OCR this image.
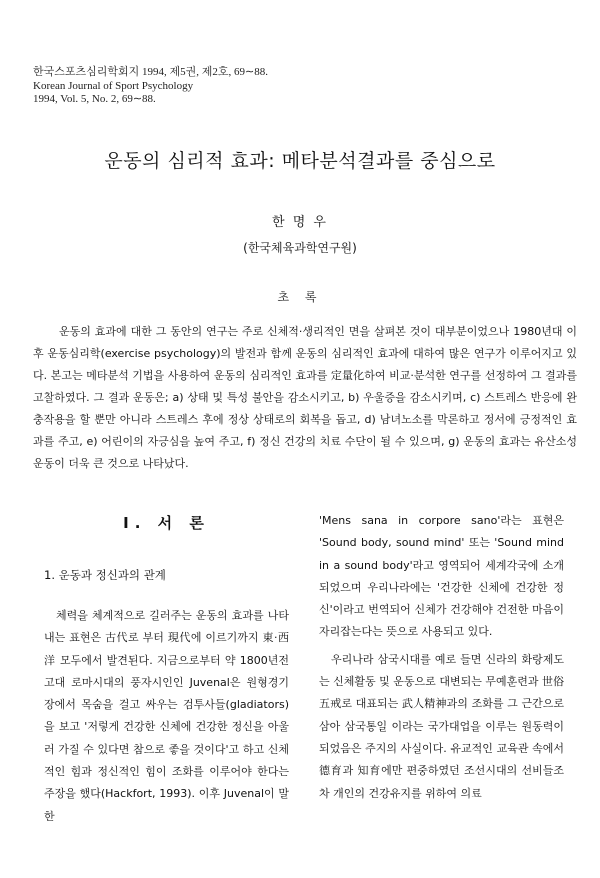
한국스포츠심리학회지 1994, 제5권, 제2호, 69∼88.
Korean Journal of Sport Psychology
1994, Vol. 5, No. 2, 69∼88.
운동의 심리적 효과: 메타분석결과를 중심으로
한 명 우
(한국체육과학연구원)
초 록

운동의 효과에 대한 그 동안의 연구는 주로 신체적·생리적인 면을 살펴본 것이 대부분이었으나 1980년대 이후 운동심리학(exercise psychology)의 발전과 함께 운동의 심리적인 효과에 대하여 많은 연구가 이루어지고 있다. 본고는 메타분석 기법을 사용하여 운동의 심리적인 효과를 定量化하여 비교·분석한 연구를 선정하여 그 결과를 고찰하였다. 그 결과 운동은; a) 상태 및 특성 불안을 감소시키고, b) 우울증을 감소시키며, c) 스트레스 반응에 완충작용을 할 뿐만 아니라 스트레스 후에 정상 상태로의 회복을 돕고, d) 남녀노소를 막론하고 정서에 긍정적인 효과를 주고, e) 어린이의 자긍심을 높여 주고, f) 정신 건강의 치료 수단이 될 수 있으며, g) 운동의 효과는 유산소성 운동이 더욱 큰 것으로 나타났다.

Ⅰ. 서 론
1. 운동과 정신과의 관계

체력을 체계적으로 길러주는 운동의 효과를 나타내는 표현은 古代로 부터 現代에 이르기까지 東·西洋 모두에서 발견된다. 지금으로부터 약 1800년전 고대 로마시대의 풍자시인인 Juvenal은 원형경기장에서 목숨을 걸고 싸우는 검투사들(gladiators)을 보고 '저렇게 건강한 신체에 건강한 정신을 아울러 가질 수 있다면 참으로 좋을 것이다'고 하고 신체적인 힘과 정신적인 힘이 조화를 이루어야 한다는 주장을 했다(Hackfort, 1993). 이후 Juvenal이 말한

'Mens sana in corpore sano'라는 표현은 'Sound body, sound mind' 또는 'Sound mind in a sound body'라고 영역되어 세계각국에 소개되었으며 우리나라에는 '건강한 신체에 건강한 정신'이라고 번역되어 신체가 건강해야 건전한 마음이 자리잡는다는 뜻으로 사용되고 있다.

우리나라 삼국시대를 예로 들면 신라의 화랑제도는 신체활동 및 운동으로 대변되는 무예훈련과 世俗五戒로 대표되는 武人精神과의 조화를 그 근간으로 삼아 삼국통일 이라는 국가대업을 이루는 원동력이 되었음은 주지의 사실이다. 유교적인 교육관 속에서 德育과 知育에만 편중하였던 조선시대의 선비들조차 개인의 건강유지를 위하여 의료
